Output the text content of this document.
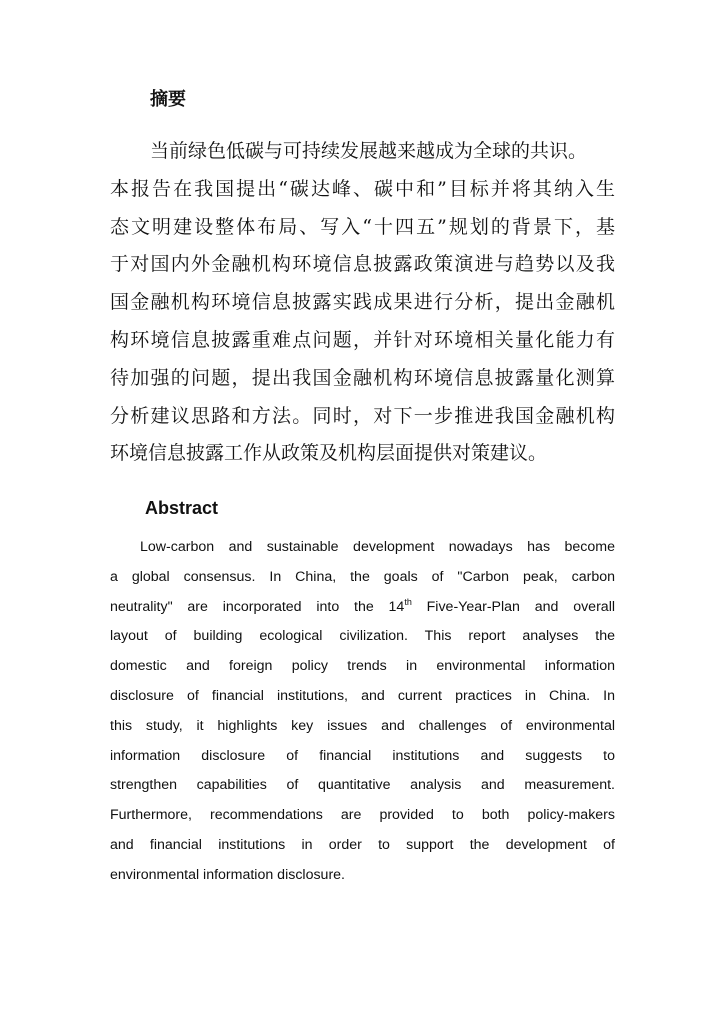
摘要
当前绿色低碳与可持续发展越来越成为全球的共识。
本报告在我国提出“碳达峰、碳中和”目标并将其纳入生
态文明建设整体布局、写入“十四五”规划的背景下，基
于对国内外金融机构环境信息披露政策演进与趋势以及我
国金融机构环境信息披露实践成果进行分析，提出金融机
构环境信息披露重难点问题，并针对环境相关量化能力有
待加强的问题，提出我国金融机构环境信息披露量化测算
分析建议思路和方法。同时，对下一步推进我国金融机构
环境信息披露工作从政策及机构层面提供对策建议。
Abstract
Low-carbon and sustainable development nowadays has become
a global consensus. In China, the goals of "Carbon peak, carbon
neutrality" are incorporated into the 14th Five-Year-Plan and overall
layout of building ecological civilization. This report analyses the
domestic and foreign policy trends in environmental information
disclosure of financial institutions, and current practices in China. In
this study, it highlights key issues and challenges of environmental
information disclosure of financial institutions and suggests to
strengthen capabilities of quantitative analysis and measurement.
Furthermore, recommendations are provided to both policy-makers
and financial institutions in order to support the development of
environmental information disclosure.
